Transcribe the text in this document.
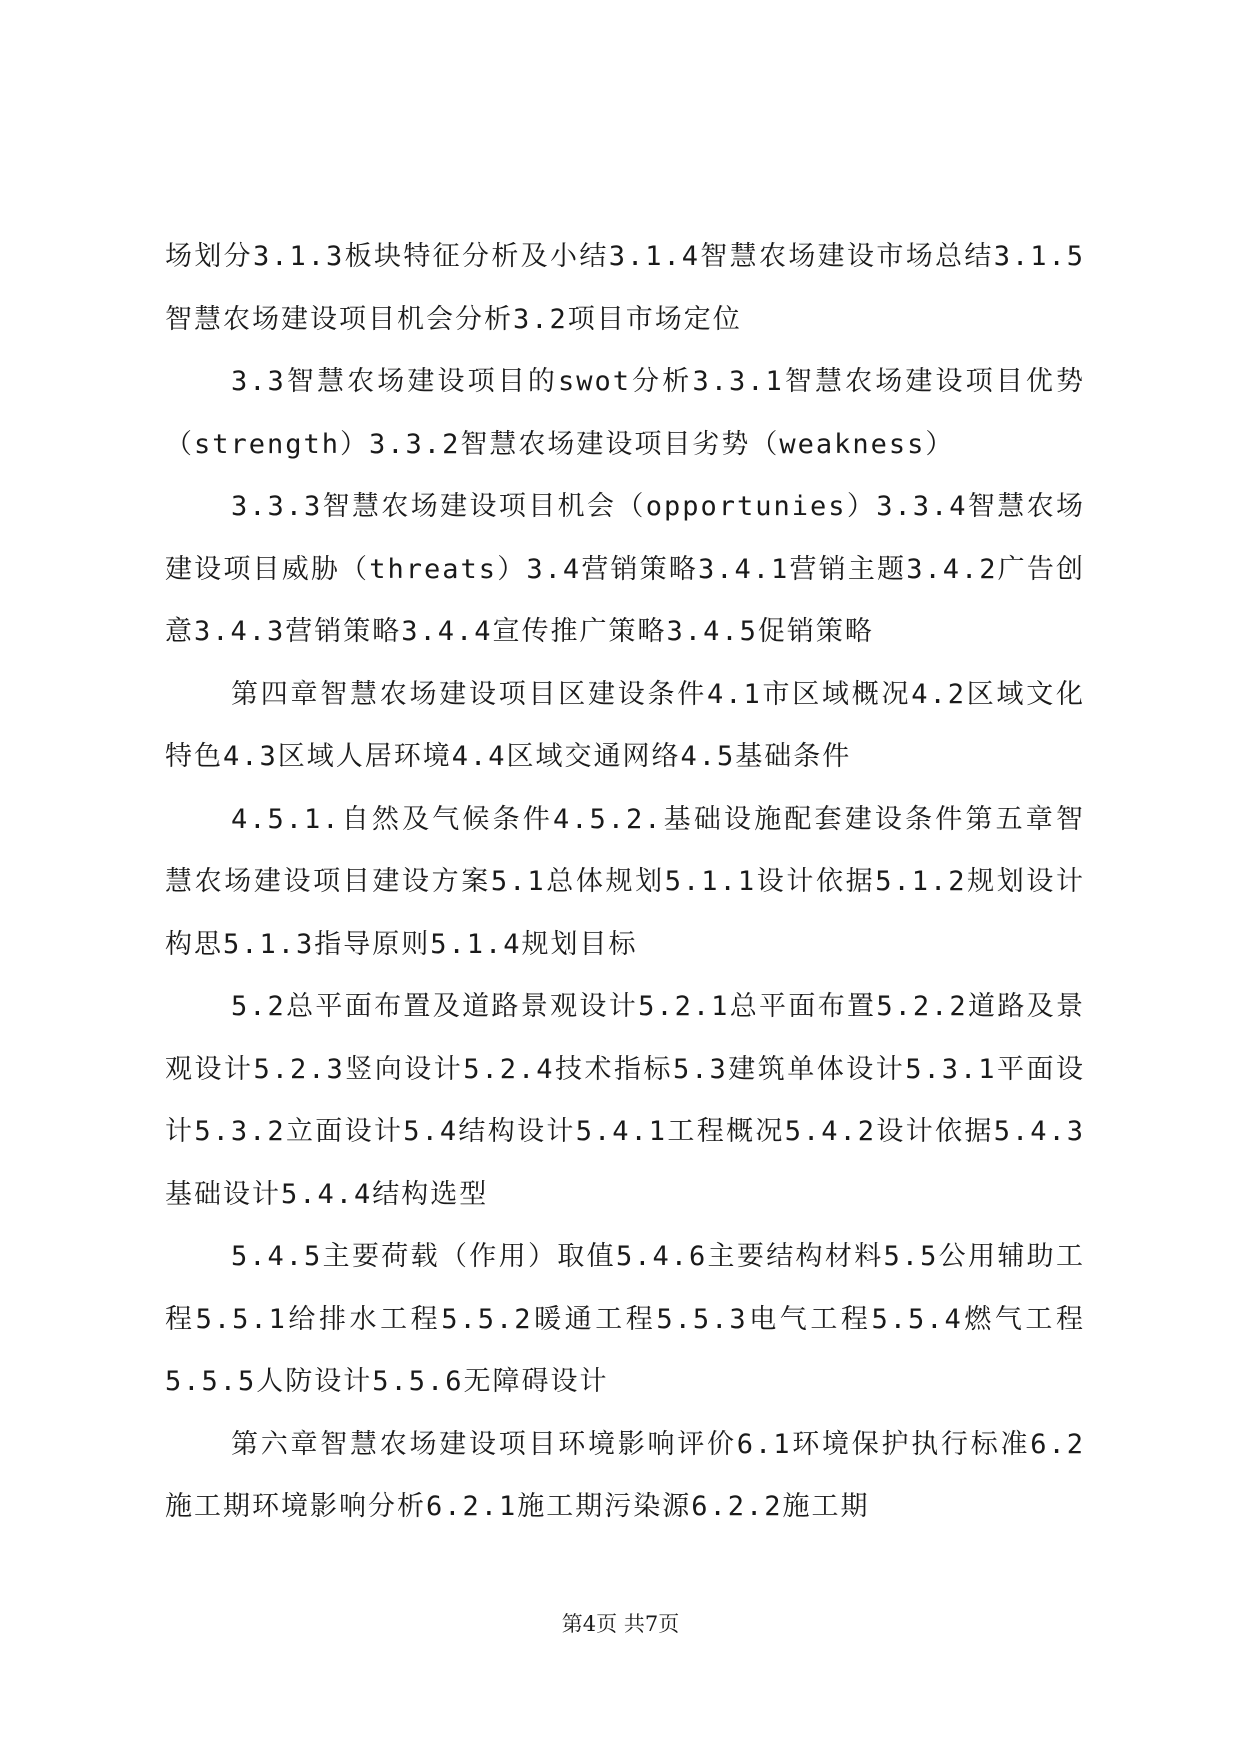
场划分3.1.3板块特征分析及小结3.1.4智慧农场建设市场总结3.1.5智慧农场建设项目机会分析3.2项目市场定位

3.3智慧农场建设项目的swot分析3.3.1智慧农场建设项目优势（strength）3.3.2智慧农场建设项目劣势（weakness）

3.3.3智慧农场建设项目机会（opportunies）3.3.4智慧农场建设项目威胁（threats）3.4营销策略3.4.1营销主题3.4.2广告创意3.4.3营销策略3.4.4宣传推广策略3.4.5促销策略

第四章智慧农场建设项目区建设条件4.1市区域概况4.2区域文化特色4.3区域人居环境4.4区域交通网络4.5基础条件

4.5.1.自然及气候条件4.5.2.基础设施配套建设条件第五章智慧农场建设项目建设方案5.1总体规划5.1.1设计依据5.1.2规划设计构思5.1.3指导原则5.1.4规划目标

5.2总平面布置及道路景观设计5.2.1总平面布置5.2.2道路及景观设计5.2.3竖向设计5.2.4技术指标5.3建筑单体设计5.3.1平面设计5.3.2立面设计5.4结构设计5.4.1工程概况5.4.2设计依据5.4.3基础设计5.4.4结构选型

5.4.5主要荷载（作用）取值5.4.6主要结构材料5.5公用辅助工程5.5.1给排水工程5.5.2暖通工程5.5.3电气工程5.5.4燃气工程5.5.5人防设计5.5.6无障碍设计

第六章智慧农场建设项目环境影响评价6.1环境保护执行标准6.2施工期环境影响分析6.2.1施工期污染源6.2.2施工期

第4页 共7页
